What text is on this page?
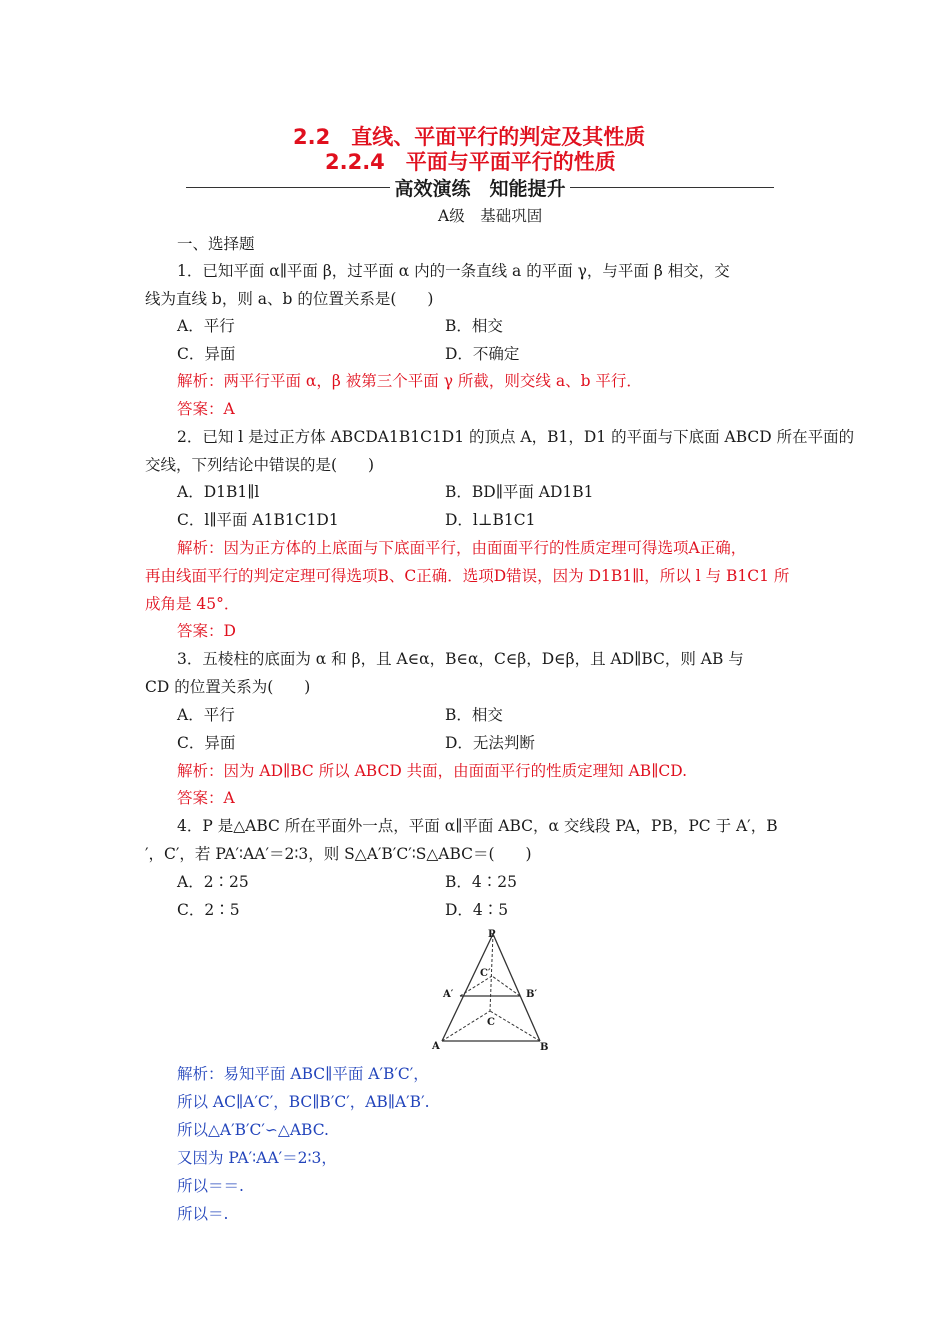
2.2　直线、平面平行的判定及其性质
2.2.4　平面与平面平行的性质
高效演练　知能提升
A级　基础巩固
一、选择题
1．已知平面 α∥平面 β，过平面 α 内的一条直线 a 的平面 γ，与平面 β 相交，交
线为直线 b，则 a、b 的位置关系是(　　)
A．平行	B．相交
C．异面	D．不确定
解析：两平行平面 α，β 被第三个平面 γ 所截，则交线 a、b 平行．
答案：A
2．已知 l 是过正方体 ABCDA1B1C1D1 的顶点 A，B1，D1 的平面与下底面 ABCD 所在平面的
交线，下列结论中错误的是(　　)
A．D1B1∥l	B．BD∥平面 AD1B1
C．l∥平面 A1B1C1D1	D．l⊥B1C1
解析：因为正方体的上底面与下底面平行，由面面平行的性质定理可得选项A正确，
再由线面平行的判定定理可得选项B、C正确．选项D错误，因为 D1B1∥l，所以 l 与 B1C1 所
成角是 45°．
答案：D
3．五棱柱的底面为 α 和 β，且 A∈α，B∈α，C∈β，D∈β，且 AD∥BC，则 AB 与
CD 的位置关系为(　　)
A．平行	B．相交
C．异面	D．无法判断
解析：因为 AD∥BC 所以 ABCD 共面，由面面平行的性质定理知 AB∥CD.
答案：A
4．P 是△ABC 所在平面外一点，平面 α∥平面 ABC，α 交线段 PA，PB，PC 于 A′，B
′，C′，若 PA′∶AA′＝2∶3，则 S△A′B′C′∶S△ABC＝(　　)
A．2∶25	B．4∶25
C．2∶5	D．4∶5
P
C′
A′	B′
C
A	B
解析：易知平面 ABC∥平面 A′B′C′，
所以 AC∥A′C′，BC∥B′C′，AB∥A′B′.
所以△A′B′C′∽△ABC.
又因为 PA′∶AA′＝2∶3，
所以＝＝.
所以＝.
